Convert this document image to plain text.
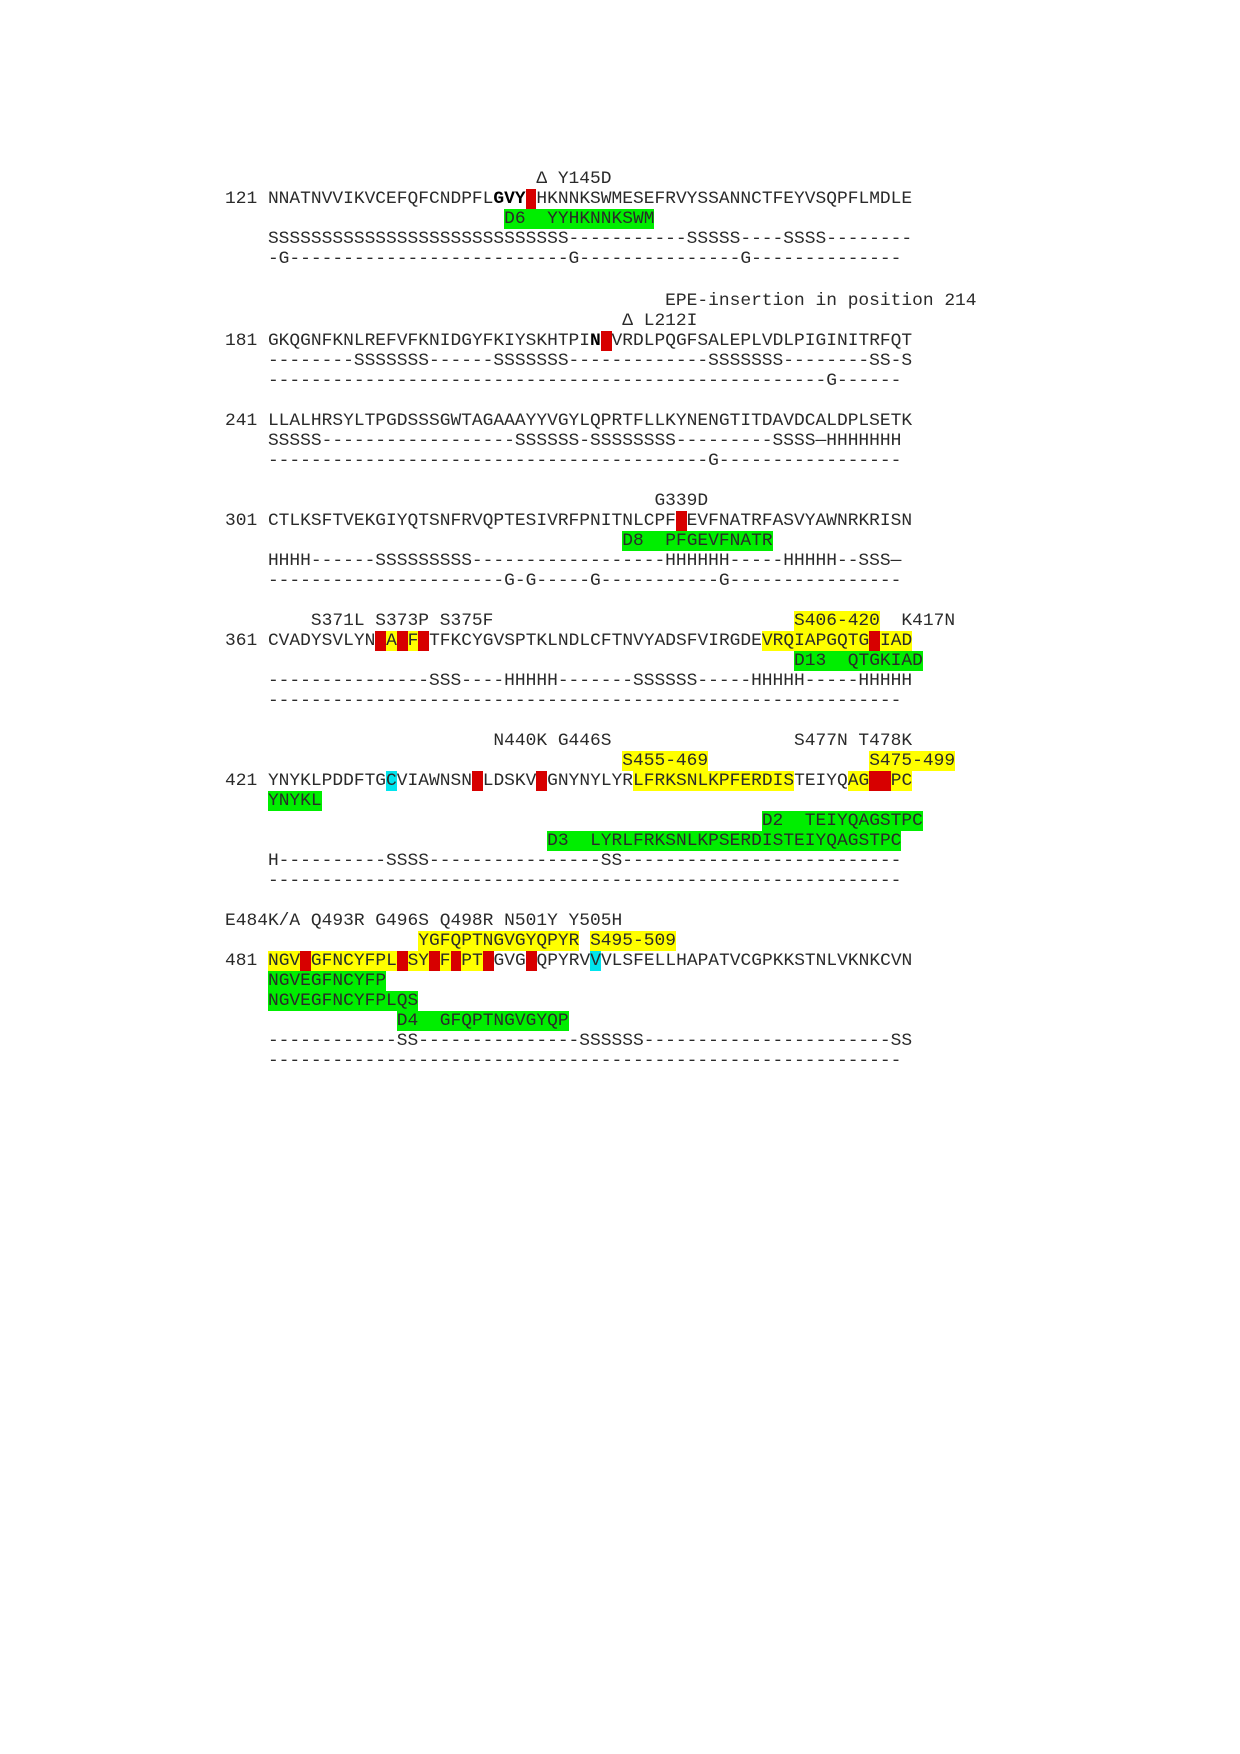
Δ Y145D
121 NNATNVVIKVCEFQFCNDPFLGVYYHKNNKSWMESEFRVYSSANNCTFEYVSQPFLMDLE
D6  YYHKNNKSWM
SSSSSSSSSSSSSSSSSSSSSSSSSSSS-----------SSSSS----SSSS--------
-G--------------------------G---------------G--------------
EPE-insertion in position 214
Δ L212I
181 GKQGNFKNLREFVFKNIDGYFKIYSKHTPINLVRDLPQGFSALEPLVDLPIGINITRFQT
--------SSSSSSS------SSSSSSS-------------SSSSSSS--------SS-S
----------------------------------------------------G------
241 LLALHRSYLTPGDSSSGWTAGAAAYYVGYLQPRTFLLKYNENGTITDAVDCALDPLSETK
SSSSS------------------SSSSSS-SSSSSSSS---------SSSS—HHHHHHH
-----------------------------------------G-----------------
G339D
301 CTLKSFTVEKGIYQTSNFRVQPTESIVRFPNITNLCPFGEVFNATRFASVYAWNRKRISN
D8  PFGEVFNATR
HHHH------SSSSSSSSS------------------HHHHHH-----HHHHH--SSS—
----------------------G-G-----G-----------G----------------
S371L S373P S375F                            S406-420  K417N
361 CVADYSVLYNSASFSTFKCYGVSPTKLNDLCFTNVYADSFVIRGDEVRQIAPGQTGKIAD
D13  QTGKIAD
---------------SSS----HHHHH-------SSSSSS-----HHHHH-----HHHHH
-----------------------------------------------------------
N440K G446S                 S477N T478K
S455-469	S475-499
421 YNYKLPDDFTGCVIAWNSNNLDSKVGGNYNYLYRLFRKSNLKPFERDISTEIYQAGSTPC
YNYKL
D2  TEIYQAGSTPC
D3  LYRLFRKSNLKPSERDISTEIYQAGSTPC
H----------SSSS----------------SS--------------------------
-----------------------------------------------------------
E484K/A Q493R G496S Q498R N501Y Y505H
YGFQPTNGVGYQPYR S495-509
481 NGVEGFNCYFPLQSYGFQPTNGVGYQPYRVVVLSFELLHAPATVCGPKKSTNLVKNKCVN
NGVEGFNCYFP
NGVEGFNCYFPLQS
D4  GFQPTNGVGYQP
------------SS---------------SSSSSS-----------------------SS
-----------------------------------------------------------
